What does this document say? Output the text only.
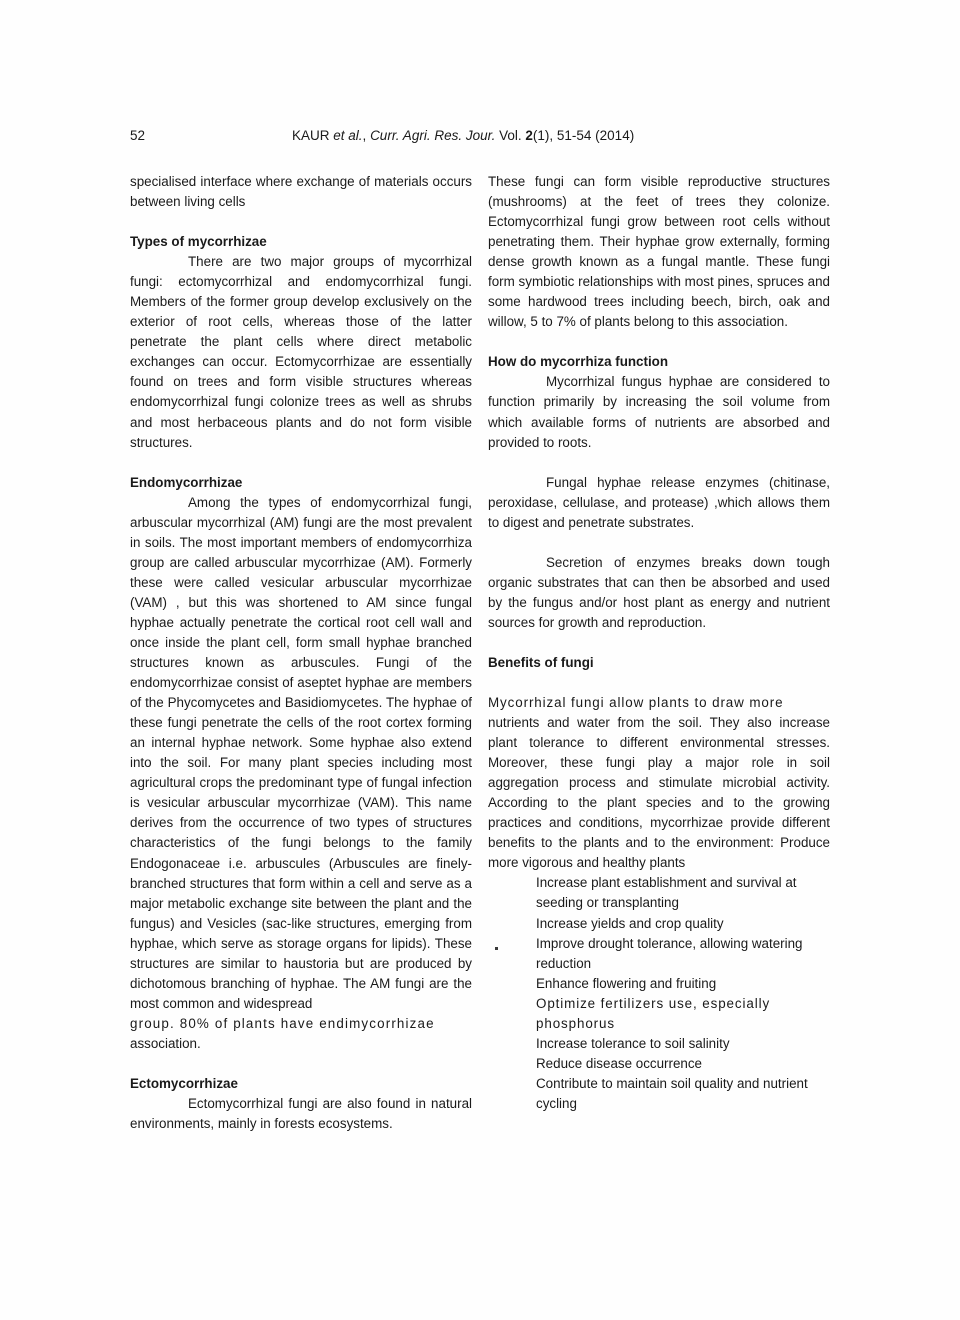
52	KAUR et al., Curr. Agri. Res. Jour. Vol. 2(1), 51-54 (2014)

specialised interface where exchange of materials occurs between living cells

Types of mycorrhizae

There are two major groups of mycorrhizal fungi: ectomycorrhizal and endomycorrhizal fungi. Members of the former group develop exclusively on the exterior of root cells, whereas those of the latter penetrate the plant cells where direct metabolic exchanges can occur. Ectomycorrhizae are essentially found on trees and form visible structures whereas endomycorrhizal fungi colonize trees as well as shrubs and most herbaceous plants and do not form visible structures.

Endomycorrhizae

Among the types of endomycorrhizal fungi, arbuscular mycorrhizal (AM) fungi are the most prevalent in soils. The most important members of endomycorrhiza group are called arbuscular mycorrhizae (AM). Formerly these were called vesicular arbuscular mycorrhizae (VAM) , but this was shortened to AM since fungal hyphae actually penetrate the cortical root cell wall and once inside the plant cell, form small hyphae branched structures known as arbuscules. Fungi of the endomycorrhizae consist of aseptet hyphae are members of the Phycomycetes and Basidiomycetes. The hyphae of these fungi penetrate the cells of the root cortex forming an internal hyphae network. Some hyphae also extend into the soil. For many plant species including most agricultural crops the predominant type of fungal infection is vesicular arbuscular mycorrhizae (VAM). This name derives from the occurrence of two types of structures characteristics of the fungi belongs to the family Endogonaceae i.e. arbuscules (Arbuscules are finely-branched structures that form within a cell and serve as a major metabolic exchange site between the plant and the fungus) and Vesicles (sac-like structures, emerging from hyphae, which serve as storage organs for lipids). These structures are similar to haustoria but are produced by dichotomous branching of hyphae. The AM fungi are the most common and widespread

group. 80% of plants have endimycorrhizae

association.

Ectomycorrhizae

Ectomycorrhizal fungi are also found in natural environments, mainly in forests ecosystems.

These fungi can form visible reproductive structures (mushrooms) at the feet of trees they colonize. Ectomycorrhizal fungi grow between root cells without penetrating them. Their hyphae grow externally, forming dense growth known as a fungal mantle. These fungi form symbiotic relationships with most pines, spruces and some hardwood trees including beech, birch, oak and willow, 5 to 7% of plants belong to this association.

How do mycorrhiza function

Mycorrhizal fungus hyphae are considered to function primarily by increasing the soil volume from which available forms of nutrients are absorbed and provided to roots.

Fungal hyphae release enzymes (chitinase, peroxidase, cellulase, and protease) ,which allows them to digest and penetrate substrates.

Secretion of enzymes breaks down tough organic substrates that can then be absorbed and used by the fungus and/or host plant as energy and nutrient sources for growth and reproduction.

Benefits of fungi

Mycorrhizal fungi allow plants to draw more

nutrients and water from the soil. They also increase plant tolerance to different environmental stresses. Moreover, these fungi play a major role in soil aggregation process and stimulate microbial activity. According to the plant species and to the growing practices and conditions, mycorrhizae provide different benefits to the plants and to the environment: Produce more vigorous and healthy plants

Increase plant establishment and survival at seeding or transplanting

Increase yields and crop quality

Improve drought tolerance, allowing watering reduction

Enhance flowering and fruiting

Optimize fertilizers use, especially phosphorus

Increase tolerance to soil salinity

Reduce disease occurrence

Contribute to maintain soil quality and nutrient cycling
